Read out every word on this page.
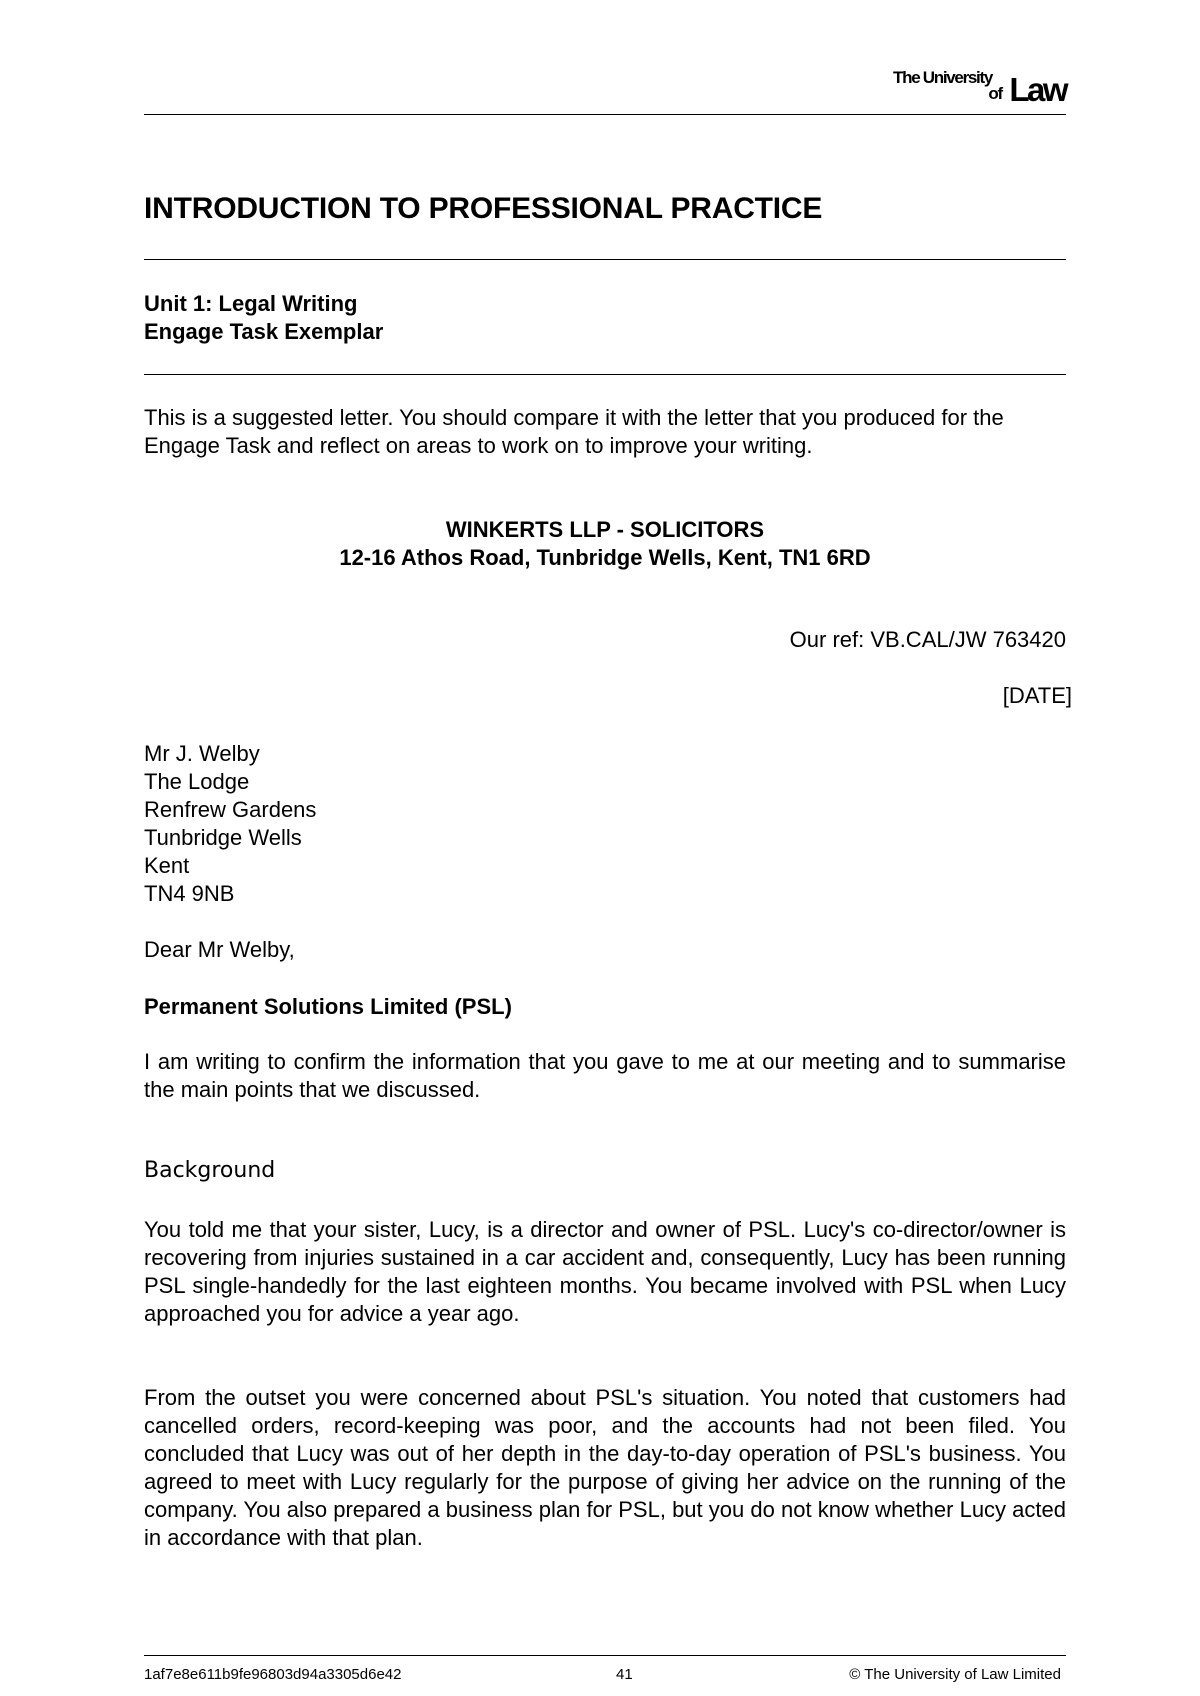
The University
of Law
INTRODUCTION TO PROFESSIONAL PRACTICE
Unit 1: Legal Writing
Engage Task Exemplar
This is a suggested letter. You should compare it with the letter that you produced for the Engage Task and reflect on areas to work on to improve your writing.
WINKERTS LLP - SOLICITORS
12-16 Athos Road, Tunbridge Wells, Kent, TN1 6RD
Our ref: VB.CAL/JW 763420
[DATE]
Mr J. Welby
The Lodge
Renfrew Gardens
Tunbridge Wells
Kent
TN4 9NB
Dear Mr Welby,
Permanent Solutions Limited (PSL)
I am writing to confirm the information that you gave to me at our meeting and to summarise the main points that we discussed.
Background
You told me that your sister, Lucy, is a director and owner of PSL. Lucy's co-director/owner is recovering from injuries sustained in a car accident and, consequently, Lucy has been running PSL single-handedly for the last eighteen months. You became involved with PSL when Lucy approached you for advice a year ago.
From the outset you were concerned about PSL's situation. You noted that customers had cancelled orders, record-keeping was poor, and the accounts had not been filed. You concluded that Lucy was out of her depth in the day-to-day operation of PSL's business. You agreed to meet with Lucy regularly for the purpose of giving her advice on the running of the company. You also prepared a business plan for PSL, but you do not know whether Lucy acted in accordance with that plan.
1af7e8e611b9fe96803d94a3305d6e42	41	© The University of Law Limited
